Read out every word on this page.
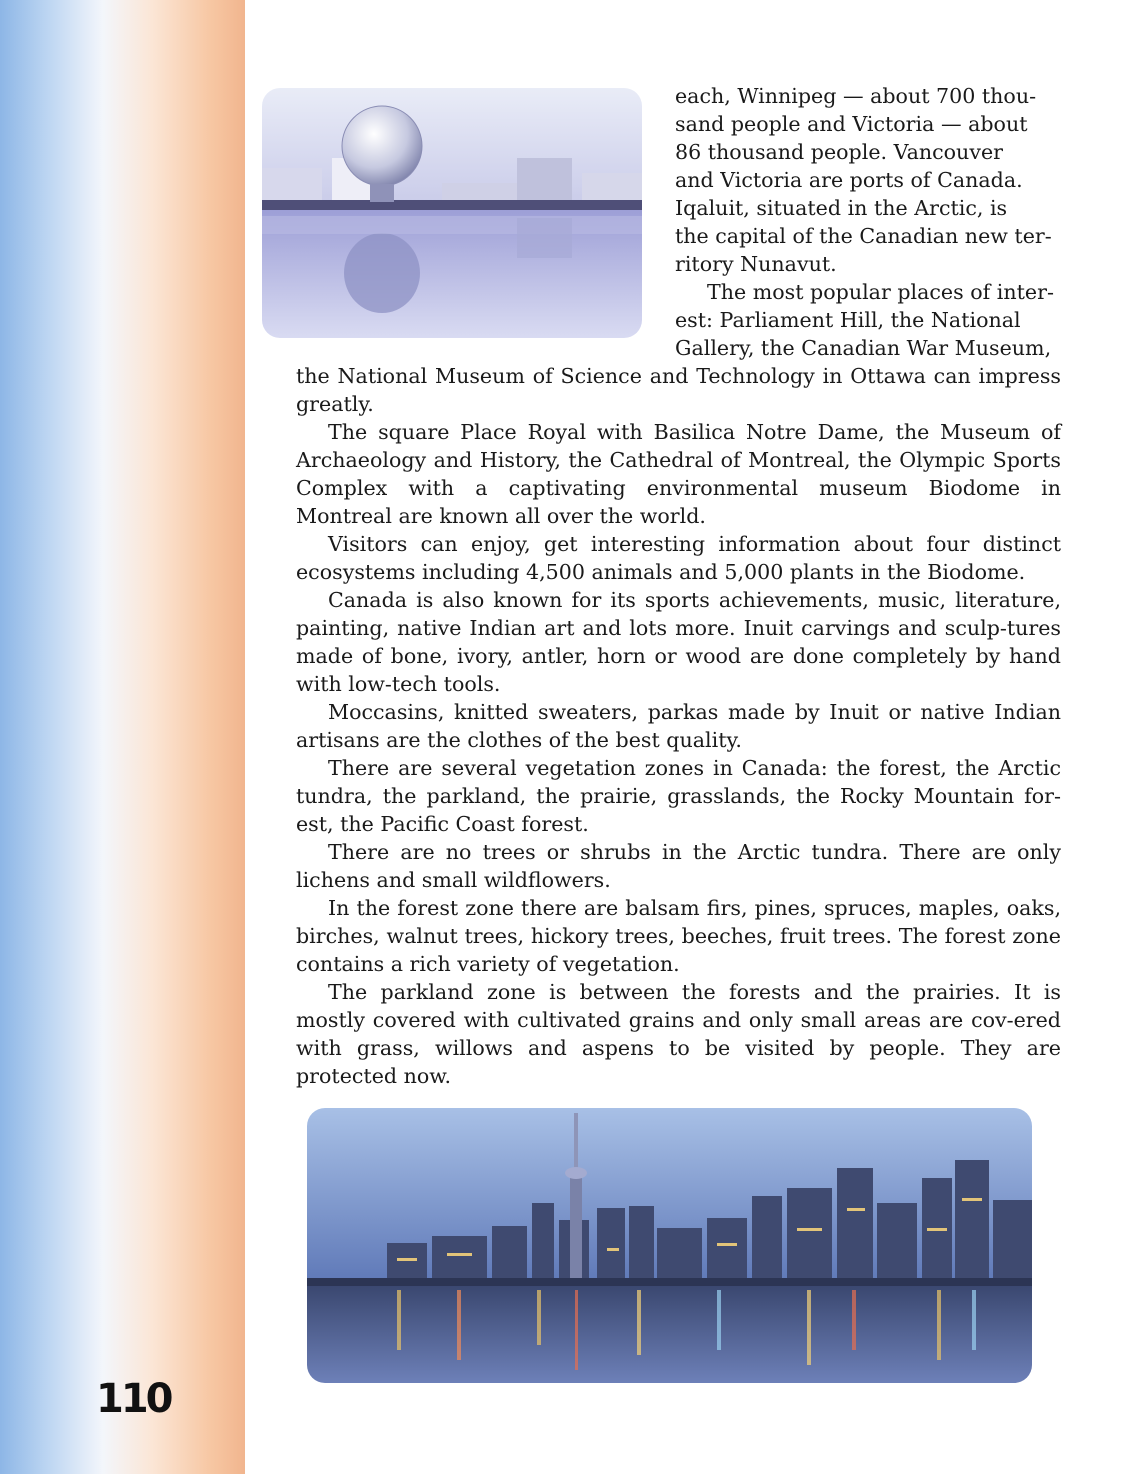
110

each, Winnipeg — about 700 thou-
sand people and Victoria — about
86 thousand people. Vancouver
and Victoria are ports of Canada.
Iqaluit, situated in the Arctic, is
the capital of the Canadian new ter-
ritory Nunavut.

The most popular places of inter-
est: Parliament Hill, the National
Gallery, the Canadian War Museum,

the National Museum of Science and Technology in Ottawa can impress greatly.

The square Place Royal with Basilica Notre Dame, the Museum of Archaeology and History, the Cathedral of Montreal, the Olympic Sports Complex with a captivating environmental museum Biodome in Montreal are known all over the world.

Visitors can enjoy, get interesting information about four distinct ecosystems including 4,500 animals and 5,000 plants in the Biodome.

Canada is also known for its sports achievements, music, literature, painting, native Indian art and lots more. Inuit carvings and sculp-tures made of bone, ivory, antler, horn or wood are done completely by hand with low-tech tools.

Moccasins, knitted sweaters, parkas made by Inuit or native Indian artisans are the clothes of the best quality.

There are several vegetation zones in Canada: the forest, the Arctic tundra, the parkland, the prairie, grasslands, the Rocky Mountain for-est, the Pacific Coast forest.

There are no trees or shrubs in the Arctic tundra. There are only lichens and small wildflowers.

In the forest zone there are balsam firs, pines, spruces, maples, oaks, birches, walnut trees, hickory trees, beeches, fruit trees. The forest zone contains a rich variety of vegetation.

The parkland zone is between the forests and the prairies. It is mostly covered with cultivated grains and only small areas are cov-ered with grass, willows and aspens to be visited by people. They are protected now.
